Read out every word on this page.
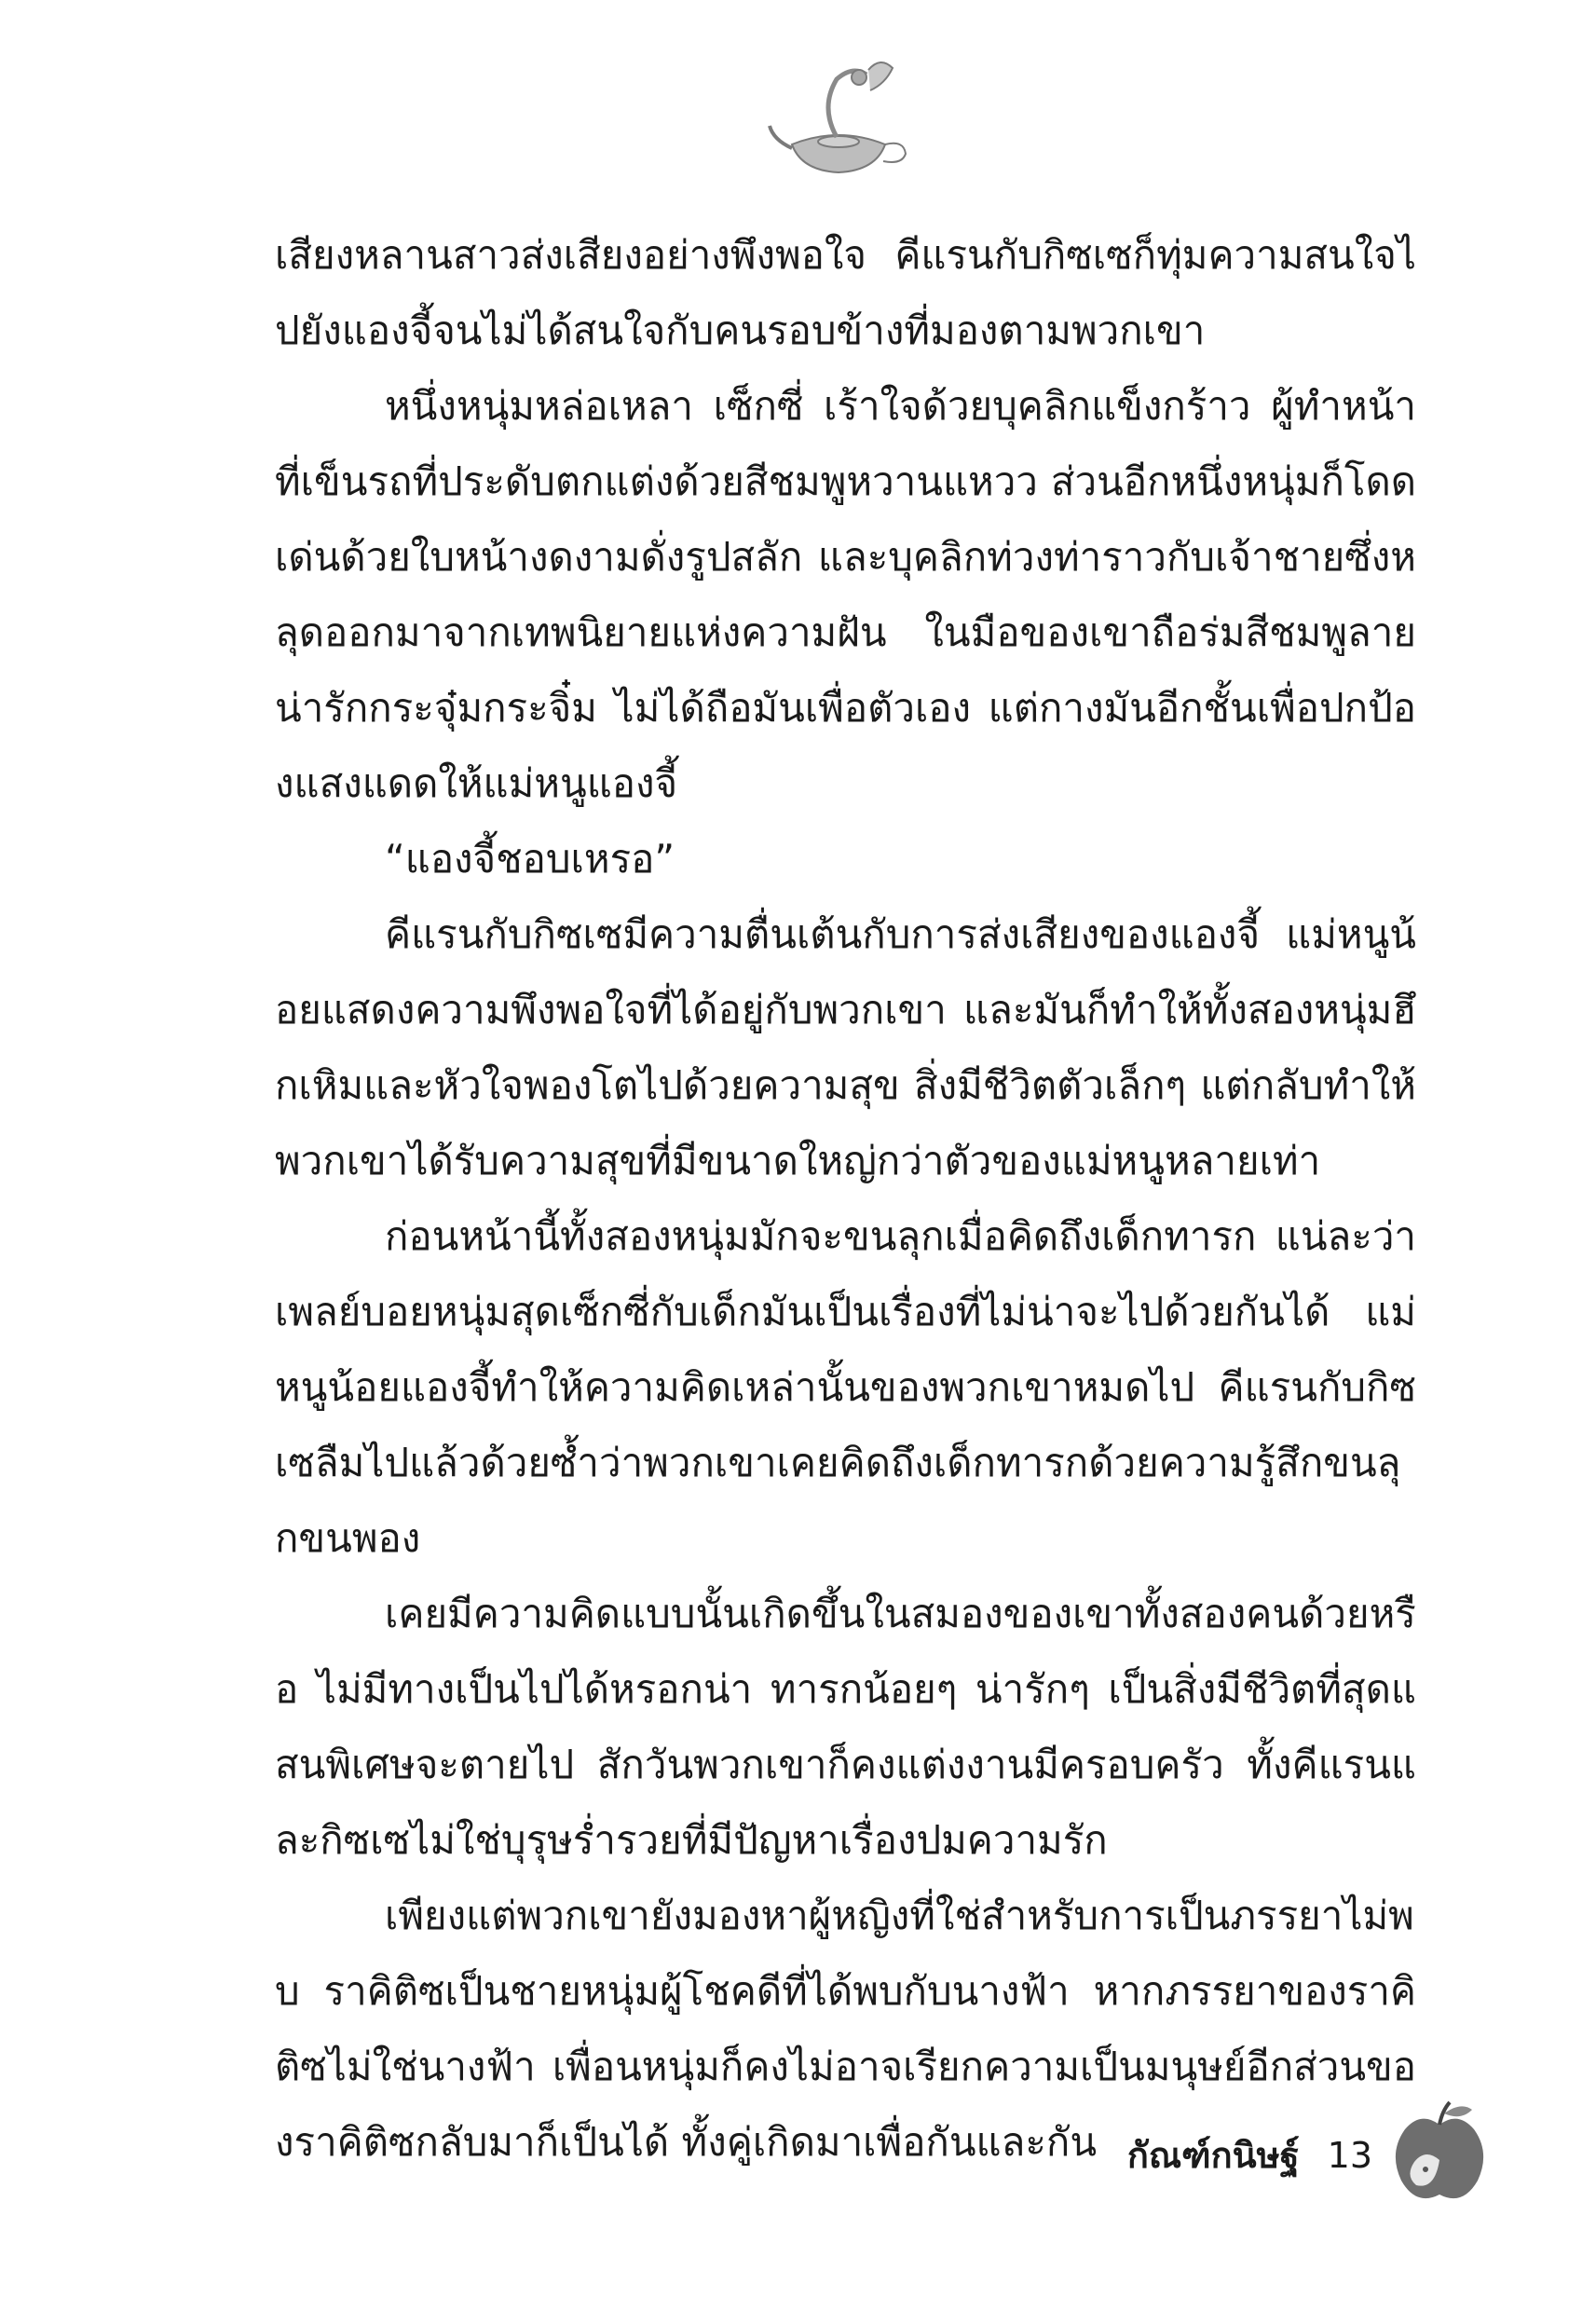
เสียงหลานสาวส่งเสียงอย่างพึงพอใจ คีแรนกับกิซเซก็ทุ่มความสนใจไปยังแองจี้จนไม่ได้สนใจกับคนรอบข้างที่มองตามพวกเขา

หนึ่งหนุ่มหล่อเหลา เซ็กซี่ เร้าใจด้วยบุคลิกแข็งกร้าว ผู้ทำหน้าที่เข็นรถที่ประดับตกแต่งด้วยสีชมพูหวานแหวว ส่วนอีกหนึ่งหนุ่มก็โดดเด่นด้วยใบหน้างดงามดั่งรูปสลัก และบุคลิกท่วงท่าราวกับเจ้าชายซึ่งหลุดออกมาจากเทพนิยายแห่งความฝัน ในมือของเขาถือร่มสีชมพูลายน่ารักกระจุ๋มกระจิ๋ม ไม่ได้ถือมันเพื่อตัวเอง แต่กางมันอีกชั้นเพื่อปกป้องแสงแดดให้แม่หนูแองจี้

“แองจี้ชอบเหรอ”

คีแรนกับกิซเซมีความตื่นเต้นกับการส่งเสียงของแองจี้ แม่หนูน้อยแสดงความพึงพอใจที่ได้อยู่กับพวกเขา และมันก็ทำให้ทั้งสองหนุ่มฮึกเหิมและหัวใจพองโตไปด้วยความสุข สิ่งมีชีวิตตัวเล็กๆ แต่กลับทำให้พวกเขาได้รับความสุขที่มีขนาดใหญ่กว่าตัวของแม่หนูหลายเท่า

ก่อนหน้านี้ทั้งสองหนุ่มมักจะขนลุกเมื่อคิดถึงเด็กทารก แน่ละว่าเพลย์บอยหนุ่มสุดเซ็กซี่กับเด็กมันเป็นเรื่องที่ไม่น่าจะไปด้วยกันได้ แม่หนูน้อยแองจี้ทำให้ความคิดเหล่านั้นของพวกเขาหมดไป คีแรนกับกิซเซลืมไปแล้วด้วยซ้ำว่าพวกเขาเคยคิดถึงเด็กทารกด้วยความรู้สึกขนลุกขนพอง

เคยมีความคิดแบบนั้นเกิดขึ้นในสมองของเขาทั้งสองคนด้วยหรือ ไม่มีทางเป็นไปได้หรอกน่า ทารกน้อยๆ น่ารักๆ เป็นสิ่งมีชีวิตที่สุดแสนพิเศษจะตายไป สักวันพวกเขาก็คงแต่งงานมีครอบครัว ทั้งคีแรนและกิซเซไม่ใช่บุรุษร่ำรวยที่มีปัญหาเรื่องปมความรัก

เพียงแต่พวกเขายังมองหาผู้หญิงที่ใช่สำหรับการเป็นภรรยาไม่พบ ราคิติซเป็นชายหนุ่มผู้โชคดีที่ได้พบกับนางฟ้า หากภรรยาของราคิติซไม่ใช่นางฟ้า เพื่อนหนุ่มก็คงไม่อาจเรียกความเป็นมนุษย์อีกส่วนของราคิติซกลับมาก็เป็นได้ ทั้งคู่เกิดมาเพื่อกันและกัน กัณฑ์กนิษฐ์ 13
